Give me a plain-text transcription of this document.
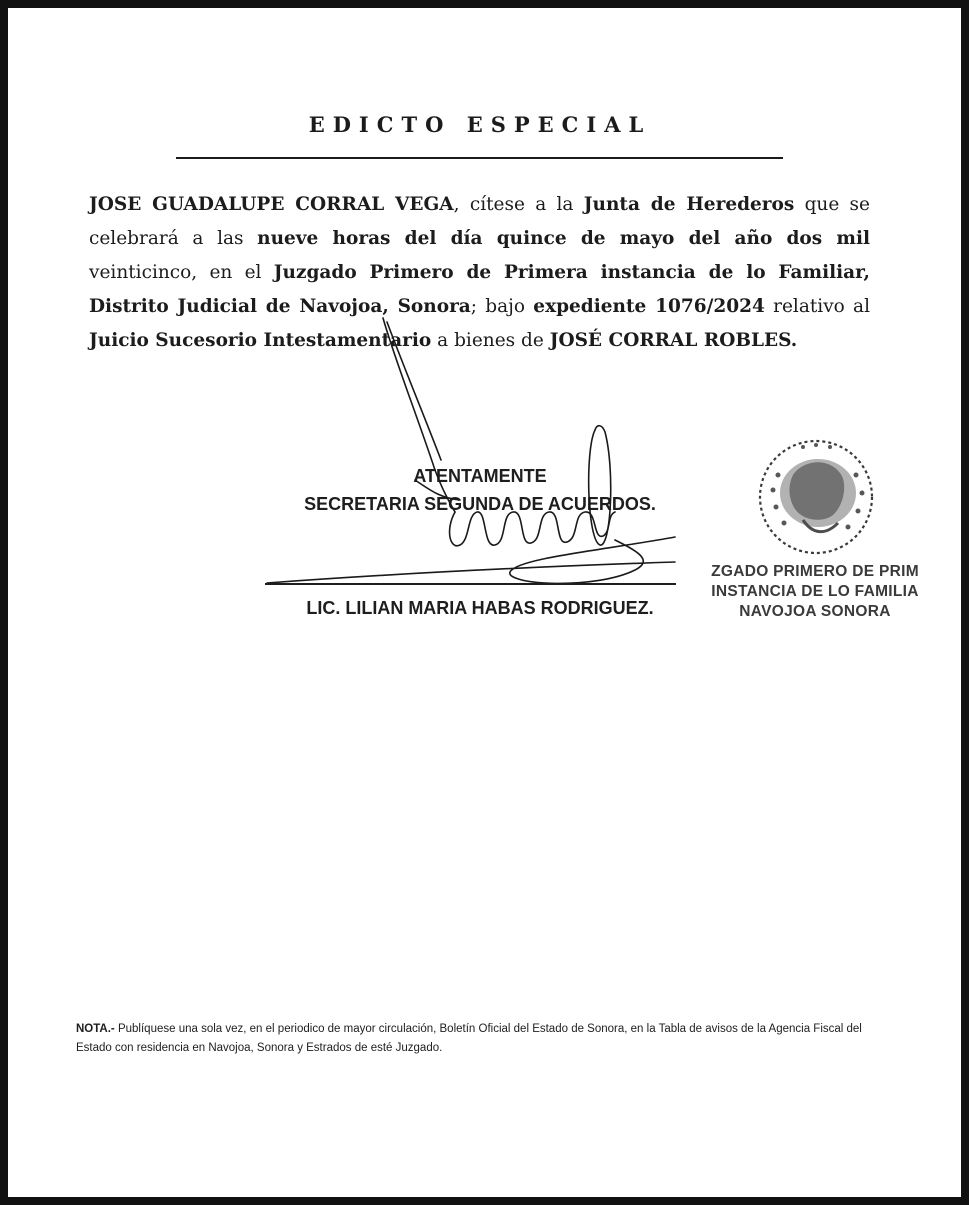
EDICTO ESPECIAL
JOSE GUADALUPE CORRAL VEGA, cítese a la Junta de Herederos que se celebrará a las nueve horas del día quince de mayo del año dos mil veinticinco, en el Juzgado Primero de Primera instancia de lo Familiar, Distrito Judicial de Navojoa, Sonora; bajo expediente 1076/2024 relativo al Juicio Sucesorio Intestamentario a bienes de JOSÉ CORRAL ROBLES.
ATENTAMENTE
SECRETARIA SEGUNDA DE ACUERDOS.
LIC. LILIAN MARIA HABAS RODRIGUEZ.
ZGADO PRIMERO DE PRIM
INSTANCIA DE LO FAMILIA
NAVOJOA SONORA
NOTA.- Publíquese una sola vez, en el periodico de mayor circulación, Boletín Oficial del Estado de Sonora, en la Tabla de avisos de la Agencia Fiscal del Estado con residencia en Navojoa, Sonora y Estrados de esté Juzgado.
